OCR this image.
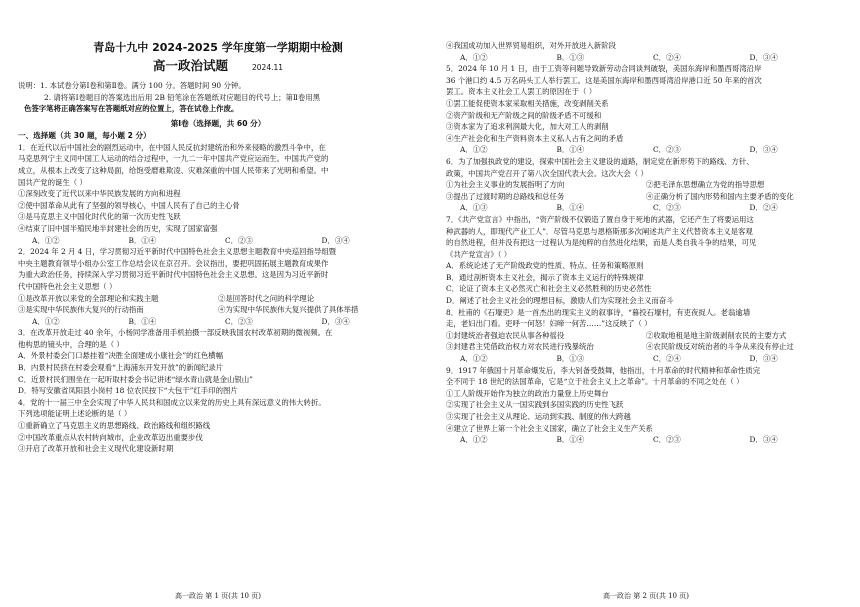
青岛十九中 2024-2025 学年度第一学期期中检测
高一政治试题	2024.11
说明：1. 本试卷分第Ⅰ卷和第Ⅱ卷。满分 100 分。答题时间 90 分钟。
2. 请将第Ⅰ卷题目的答案选出后用 2B 铅笔涂在答题纸对应题目的代号上；第Ⅱ卷用黑
色签字笔将正确答案写在答题纸对应的位置上，答在试卷上作废。
第Ⅰ卷（选择题，共 60 分）
一、选择题（共 30 题，每小题 2 分）
1．在近代以后中国社会的剧烈运动中，在中国人民反抗封建统治和外来侵略的激烈斗争中，在
马克思列宁主义同中国工人运动的结合过程中，一九二一年中国共产党应运而生。中国共产党的
成立，从根本上改变了这种局面，给饱受磨难欺凌、灾难深重的中国人民带来了光明和希望。中
国共产党的诞生（ ）
①深刻改变了近代以来中华民族发展的方向和进程
②使中国革命从此有了坚强的领导核心，中国人民有了自己的主心骨
③是马克思主义中国化时代化的第一次历史性飞跃
④结束了旧中国半殖民地半封建社会的历史，实现了国家富强
A．①②	B．①④	C．②③	D．③④
2．2024 年 2 月 4 日，学习贯彻习近平新时代中国特色社会主义思想主题教育中央巡回指导组暨
中央主题教育领导小组办公室工作总结会议在京召开。会议指出，要把巩固拓展主题教育成果作
为重大政治任务，持续深入学习贯彻习近平新时代中国特色社会主义思想。这是因为习近平新时
代中国特色社会主义思想（ ）
①是改革开放以来党的全部理论和实践主题	②是回答时代之问的科学理论
③是实现中华民族伟大复兴的行动指南	④为实现中华民族伟大复兴提供了具体举措
A．①②	B．①④	C．②③	D．③④
3．在改革开放走过 40 余年，小杨同学准备用手机拍摄一部反映我国农村改革初期的微视频。在
他构思的镜头中，合理的是（ ）
A．外景村委会门口悬挂着“决胜全面建成小康社会”的红色横幅
B．内景村民挤在村委会观看“上海浦东开发开放”的新闻纪录片
C．近景村民们围坐在一起听取村委会书记讲述“绿水青山就是金山银山”
D．特写安徽省凤阳县小岗村 18 位农民按下“大包干”红手印的图片
4．党的十一届三中全会实现了中华人民共和国成立以来党的历史上具有深远意义的伟大转折。
下列选项能证明上述论断的是（ ）
①重新确立了马克思主义的思想路线、政治路线和组织路线
②中国改革重点从农村转向城市，企业改革迈出重要步伐
③开启了改革开放和社会主义现代化建设新时期
高一政治 第 1 页(共 10 页)
④我国成功加入世界贸易组织，对外开放进入新阶段
A．①②	B．①③	C．②④	D．③④
5．2024 年 10 月 1 日，由于工资等问题导致新劳动合同谈判破裂，美国东海岸和墨西哥湾沿岸
36 个港口约 4.5 万名码头工人举行罢工。这是美国东海岸和墨西哥湾沿岸港口近 50 年来的首次
罢工。资本主义社会工人罢工的原因在于（ ）
①罢工能促使资本家采取相关措施，改变剥削关系
②资产阶级和无产阶级之间的阶级矛盾不可缓和
③资本家为了追求利润最大化，加大对工人的剥削
④生产社会化和生产资料资本主义私人占有之间的矛盾
A．①②	B．①④	C．②③	D．③④
6．为了加强执政党的建设，探索中国社会主义建设的道路，制定党在新形势下的路线、方针、
政策，中国共产党召开了第八次全国代表大会。这次大会（ ）
①为社会主义事业的发展指明了方向	②把毛泽东思想确立为党的指导思想
③提出了过渡时期的总路线和总任务	④正确分析了国内形势和国内主要矛盾的变化
A．①③	B．①④	C．②③	D．②④
7．《共产党宣言》中指出，“资产阶级不仅锻造了置自身于死地的武器，它还产生了将要运用这
种武器的人，即现代产业工人”．尽管马克思与恩格斯那多次阐述共产主义代替资本主义是客观
的自然进程，但并没有把这一过程认为是纯粹的自然进化结果，而是人类自我斗争的结果，可见
《共产党宣言》（ ）
A．系统论述了无产阶级政党的性质、特点、任务和策略原则
B．通过剖析资本主义社会，揭示了资本主义运行的特殊规律
C．论证了资本主义必然灭亡和社会主义必然胜利的历史必然性
D．阐述了社会主义社会的理想目标，激励人们为实现社会主义而奋斗
8．杜甫的《石壕吏》是一首杰出的现实主义的叙事诗，“暮投石壕村，有吏夜捉人。老翁逾墙
走，老妇出门看。吏呼一何怒！妇啼一何苦……”这反映了（ ）
①封建统治者强迫农民从事各种徭役	②收取地租是地主阶级剥削农民的主要方式
③封建君主凭借政治权力对农民进行残暴统治	④农民阶级反对统治者的斗争从来没有停止过
A．①②	B．①③	C．②④	D．③④
9．1917 年俄国十月革命爆发后，李大钊备受鼓舞，他指出，十月革命的时代精神和革命性质完
全不同于 18 世纪的法国革命，它是“立于社会主义上之革命”。十月革命的不同之处在（ ）
①工人阶级开始作为独立的政治力量登上历史舞台
②实现了社会主义从一国实践到多国实践的历史性飞跃
③实现了社会主义从理论、运动到实践、制度的伟大跨越
④建立了世界上第一个社会主义国家，确立了社会主义生产关系
A．①②	B．①④	C．②③	D．③④
高一政治 第 2 页(共 10 页)
